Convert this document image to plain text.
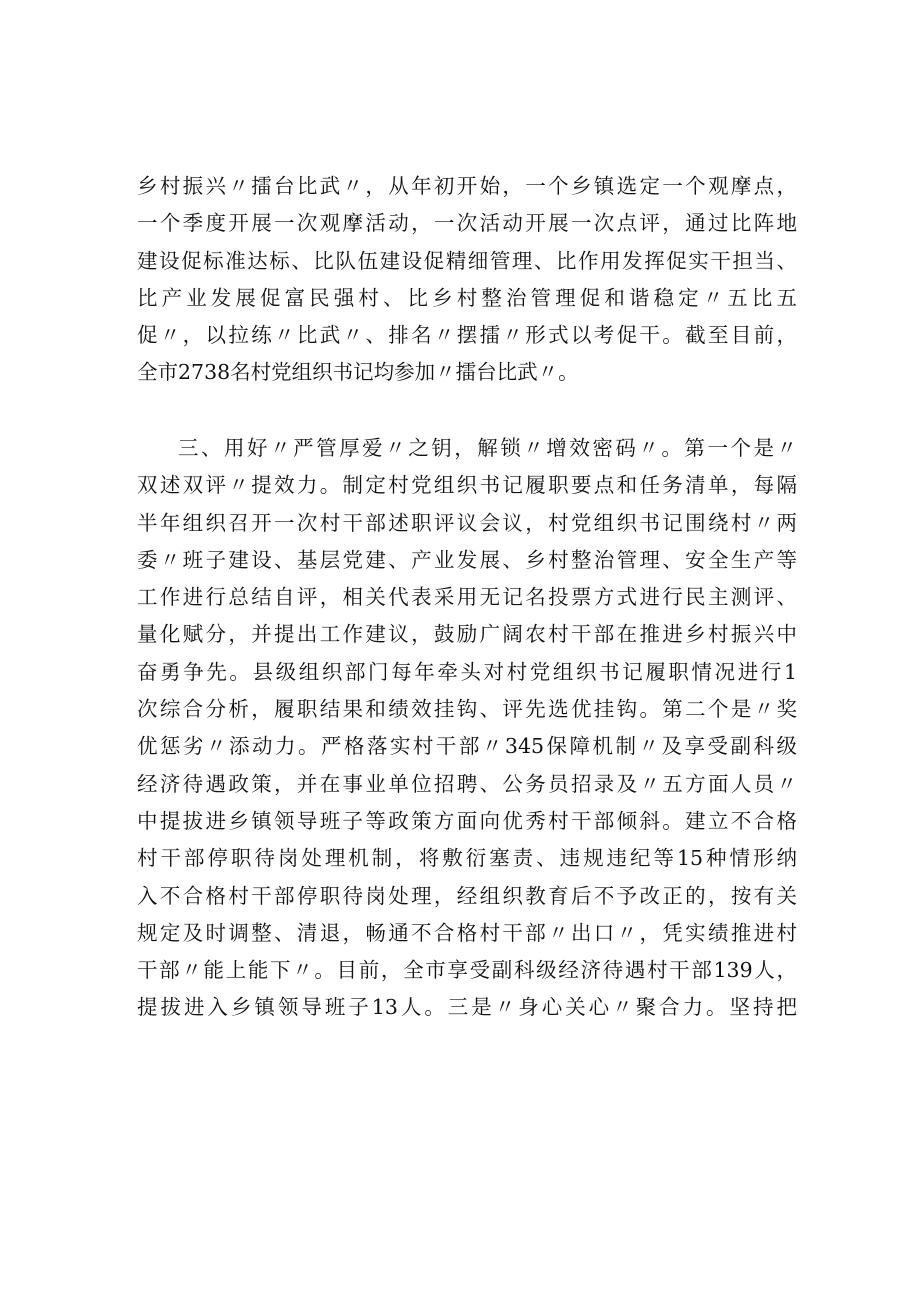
乡村振兴〃擂台比武〃，从年初开始，一个乡镇选定一个观摩点，
一个季度开展一次观摩活动，一次活动开展一次点评，通过比阵地
建设促标准达标、比队伍建设促精细管理、比作用发挥促实干担当、
比产业发展促富民强村、比乡村整治管理促和谐稳定〃五比五
促〃，以拉练〃比武〃、排名〃摆擂〃形式以考促干。截至目前，
全市2738名村党组织书记均参加〃擂台比武〃。
三、用好〃严管厚爱〃之钥，解锁〃增效密码〃。第一个是〃
双述双评〃提效力。制定村党组织书记履职要点和任务清单，每隔
半年组织召开一次村干部述职评议会议，村党组织书记围绕村〃两
委〃班子建设、基层党建、产业发展、乡村整治管理、安全生产等
工作进行总结自评，相关代表采用无记名投票方式进行民主测评、
量化赋分，并提出工作建议，鼓励广阔农村干部在推进乡村振兴中
奋勇争先。县级组织部门每年牵头对村党组织书记履职情况进行1
次综合分析，履职结果和绩效挂钩、评先选优挂钩。第二个是〃奖
优惩劣〃添动力。严格落实村干部〃345保障机制〃及享受副科级
经济待遇政策，并在事业单位招聘、公务员招录及〃五方面人员〃
中提拔进乡镇领导班子等政策方面向优秀村干部倾斜。建立不合格
村干部停职待岗处理机制，将敷衍塞责、违规违纪等15种情形纳
入不合格村干部停职待岗处理，经组织教育后不予改正的，按有关
规定及时调整、清退，畅通不合格村干部〃出口〃，凭实绩推进村
干部〃能上能下〃。目前，全市享受副科级经济待遇村干部139人，
提拔进入乡镇领导班子13人。三是〃身心关心〃聚合力。坚持把
